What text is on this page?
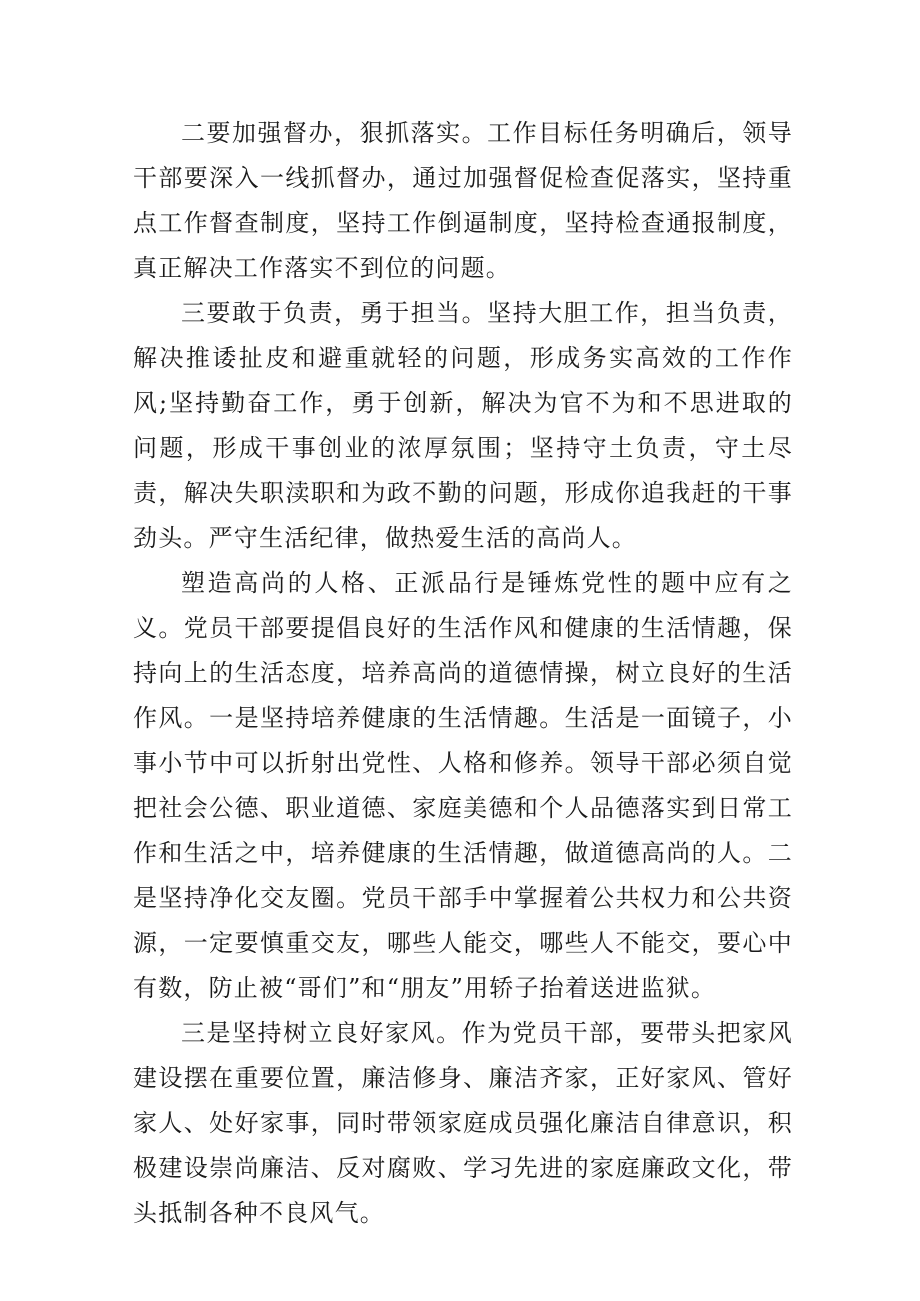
二要加强督办，狠抓落实。工作目标任务明确后，领导干部要深入一线抓督办，通过加强督促检查促落实，坚持重点工作督查制度，坚持工作倒逼制度，坚持检查通报制度，真正解决工作落实不到位的问题。

三要敢于负责，勇于担当。坚持大胆工作，担当负责，解决推诿扯皮和避重就轻的问题，形成务实高效的工作作风;坚持勤奋工作，勇于创新，解决为官不为和不思进取的问题，形成干事创业的浓厚氛围；坚持守土负责，守土尽责，解决失职渎职和为政不勤的问题，形成你追我赶的干事劲头。严守生活纪律，做热爱生活的高尚人。

塑造高尚的人格、正派品行是锤炼党性的题中应有之义。党员干部要提倡良好的生活作风和健康的生活情趣，保持向上的生活态度，培养高尚的道德情操，树立良好的生活作风。一是坚持培养健康的生活情趣。生活是一面镜子，小事小节中可以折射出党性、人格和修养。领导干部必须自觉把社会公德、职业道德、家庭美德和个人品德落实到日常工作和生活之中，培养健康的生活情趣，做道德高尚的人。二是坚持净化交友圈。党员干部手中掌握着公共权力和公共资源，一定要慎重交友，哪些人能交，哪些人不能交，要心中有数，防止被“哥们”和“朋友”用轿子抬着送进监狱。

三是坚持树立良好家风。作为党员干部，要带头把家风建设摆在重要位置，廉洁修身、廉洁齐家，正好家风、管好家人、处好家事，同时带领家庭成员强化廉洁自律意识，积极建设崇尚廉洁、反对腐败、学习先进的家庭廉政文化，带头抵制各种不良风气。
